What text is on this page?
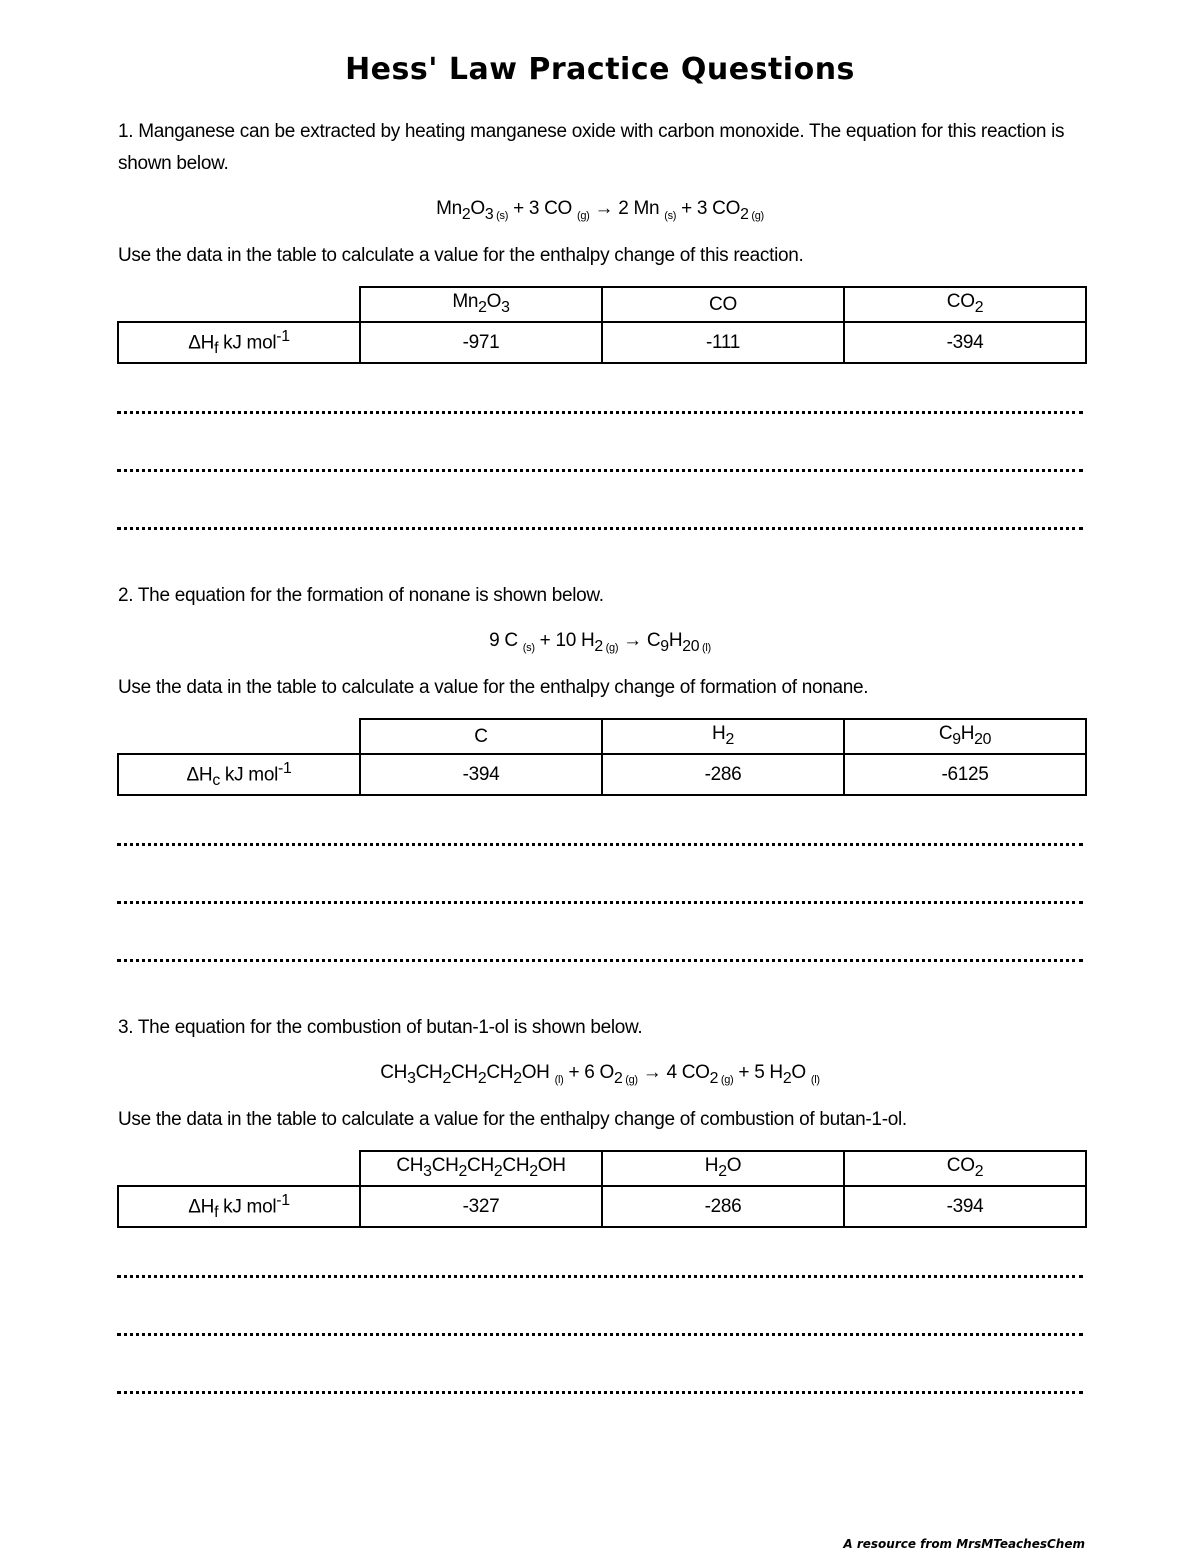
Hess' Law Practice Questions
1. Manganese can be extracted by heating manganese oxide with carbon monoxide. The equation for this reaction is shown below.
$Mn_2O_3$ $_{(s)}$ + 3 CO $_{(g)}$ → 2 Mn $_{(s)}$ + 3 $CO_2$ $_{(g)}$
Use the data in the table to calculate a value for the enthalpy change of this reaction.
	$Mn_2O_3$	CO	$CO_2$
$\Delta H_f$ kJ mol$^{-1}$	-971	-111	-394
2. The equation for the formation of nonane is shown below.
9 C $_{(s)}$ + 10 $H_2$ $_{(g)} \to C_9H_{20}$ $_{(l)}$
Use the data in the table to calculate a value for the enthalpy change of formation of nonane.
	C	$H_2$	$C_9H_{20}$
$\Delta H_c$ kJ mol$^{-1}$	-394	-286	-6125
3. The equation for the combustion of butan-1-ol is shown below.
$CH_3CH_2CH_2CH_2OH$ $_{(l)}$ + 6 $O_2$ $_{(g)}$ → 4 $CO_2$ $_{(g)}$ + 5 $H_2O$ $_{(l)}$
Use the data in the table to calculate a value for the enthalpy change of combustion of butan-1-ol.
	$CH_3CH_2CH_2CH_2OH$	$H_2O$	$CO_2$
$\Delta H_f$ kJ mol$^{-1}$	-327	-286	-394
A resource from MrsMTeachesChem
